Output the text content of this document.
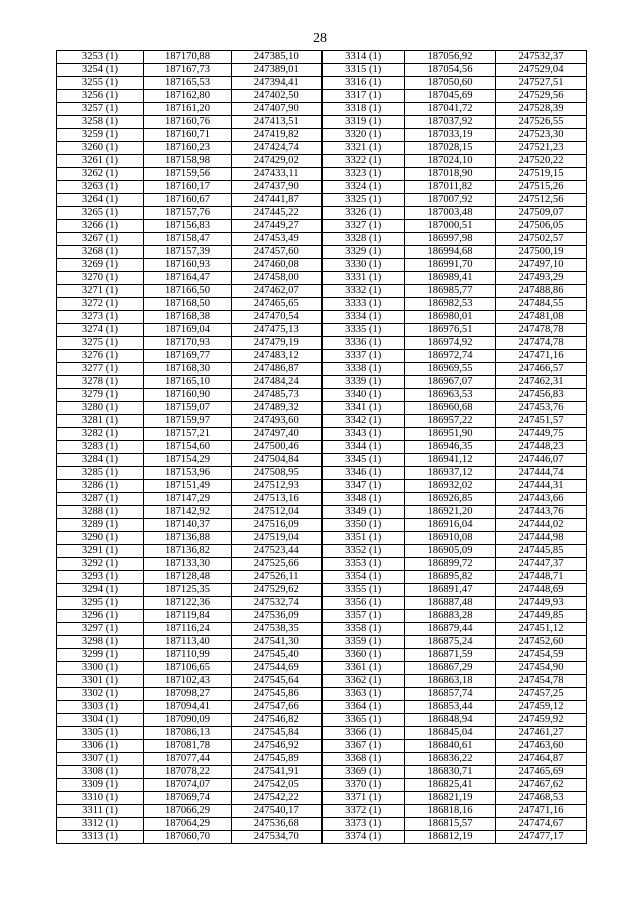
28
3253 (1)	187170,88	247385,10	3314 (1)	187056,92	247532,37
3254 (1)	187167,73	247389,01	3315 (1)	187054,56	247529,04
3255 (1)	187165,53	247394,41	3316 (1)	187050,60	247527,51
3256 (1)	187162,80	247402,50	3317 (1)	187045,69	247529,56
3257 (1)	187161,20	247407,90	3318 (1)	187041,72	247528,39
3258 (1)	187160,76	247413,51	3319 (1)	187037,92	247526,55
3259 (1)	187160,71	247419,82	3320 (1)	187033,19	247523,30
3260 (1)	187160,23	247424,74	3321 (1)	187028,15	247521,23
3261 (1)	187158,98	247429,02	3322 (1)	187024,10	247520,22
3262 (1)	187159,56	247433,11	3323 (1)	187018,90	247519,15
3263 (1)	187160,17	247437,90	3324 (1)	187011,82	247515,26
3264 (1)	187160,67	247441,87	3325 (1)	187007,92	247512,56
3265 (1)	187157,76	247445,22	3326 (1)	187003,48	247509,07
3266 (1)	187156,83	247449,27	3327 (1)	187000,51	247506,05
3267 (1)	187158,47	247453,49	3328 (1)	186997,98	247502,57
3268 (1)	187157,39	247457,60	3329 (1)	186994,68	247500,19
3269 (1)	187160,93	247460,08	3330 (1)	186991,70	247497,10
3270 (1)	187164,47	247458,00	3331 (1)	186989,41	247493,29
3271 (1)	187166,50	247462,07	3332 (1)	186985,77	247488,86
3272 (1)	187168,50	247465,65	3333 (1)	186982,53	247484,55
3273 (1)	187168,38	247470,54	3334 (1)	186980,01	247481,08
3274 (1)	187169,04	247475,13	3335 (1)	186976,51	247478,78
3275 (1)	187170,93	247479,19	3336 (1)	186974,92	247474,78
3276 (1)	187169,77	247483,12	3337 (1)	186972,74	247471,16
3277 (1)	187168,30	247486,87	3338 (1)	186969,55	247466,57
3278 (1)	187165,10	247484,24	3339 (1)	186967,07	247462,31
3279 (1)	187160,90	247485,73	3340 (1)	186963,53	247456,83
3280 (1)	187159,07	247489,32	3341 (1)	186960,68	247453,76
3281 (1)	187159,97	247493,60	3342 (1)	186957,22	247451,57
3282 (1)	187157,21	247497,40	3343 (1)	186951,90	247449,75
3283 (1)	187154,60	247500,46	3344 (1)	186946,35	247448,23
3284 (1)	187154,29	247504,84	3345 (1)	186941,12	247446,07
3285 (1)	187153,96	247508,95	3346 (1)	186937,12	247444,74
3286 (1)	187151,49	247512,93	3347 (1)	186932,02	247444,31
3287 (1)	187147,29	247513,16	3348 (1)	186926,85	247443,66
3288 (1)	187142,92	247512,04	3349 (1)	186921,20	247443,76
3289 (1)	187140,37	247516,09	3350 (1)	186916,04	247444,02
3290 (1)	187136,88	247519,04	3351 (1)	186910,08	247444,98
3291 (1)	187136,82	247523,44	3352 (1)	186905,09	247445,85
3292 (1)	187133,30	247525,66	3353 (1)	186899,72	247447,37
3293 (1)	187128,48	247526,11	3354 (1)	186895,82	247448,71
3294 (1)	187125,35	247529,62	3355 (1)	186891,47	247448,69
3295 (1)	187122,36	247532,74	3356 (1)	186887,48	247449,93
3296 (1)	187119,84	247536,09	3357 (1)	186883,28	247449,85
3297 (1)	187116,24	247538,35	3358 (1)	186879,44	247451,12
3298 (1)	187113,40	247541,30	3359 (1)	186875,24	247452,60
3299 (1)	187110,99	247545,40	3360 (1)	186871,59	247454,59
3300 (1)	187106,65	247544,69	3361 (1)	186867,29	247454,90
3301 (1)	187102,43	247545,64	3362 (1)	186863,18	247454,78
3302 (1)	187098,27	247545,86	3363 (1)	186857,74	247457,25
3303 (1)	187094,41	247547,66	3364 (1)	186853,44	247459,12
3304 (1)	187090,09	247546,82	3365 (1)	186848,94	247459,92
3305 (1)	187086,13	247545,84	3366 (1)	186845,04	247461,27
3306 (1)	187081,78	247546,92	3367 (1)	186840,61	247463,60
3307 (1)	187077,44	247545,89	3368 (1)	186836,22	247464,87
3308 (1)	187078,22	247541,91	3369 (1)	186830,71	247465,69
3309 (1)	187074,07	247542,05	3370 (1)	186825,41	247467,62
3310 (1)	187069,74	247542,22	3371 (1)	186821,19	247468,53
3311 (1)	187066,29	247540,17	3372 (1)	186818,16	247471,16
3312 (1)	187064,29	247536,68	3373 (1)	186815,57	247474,67
3313 (1)	187060,70	247534,70	3374 (1)	186812,19	247477,17
